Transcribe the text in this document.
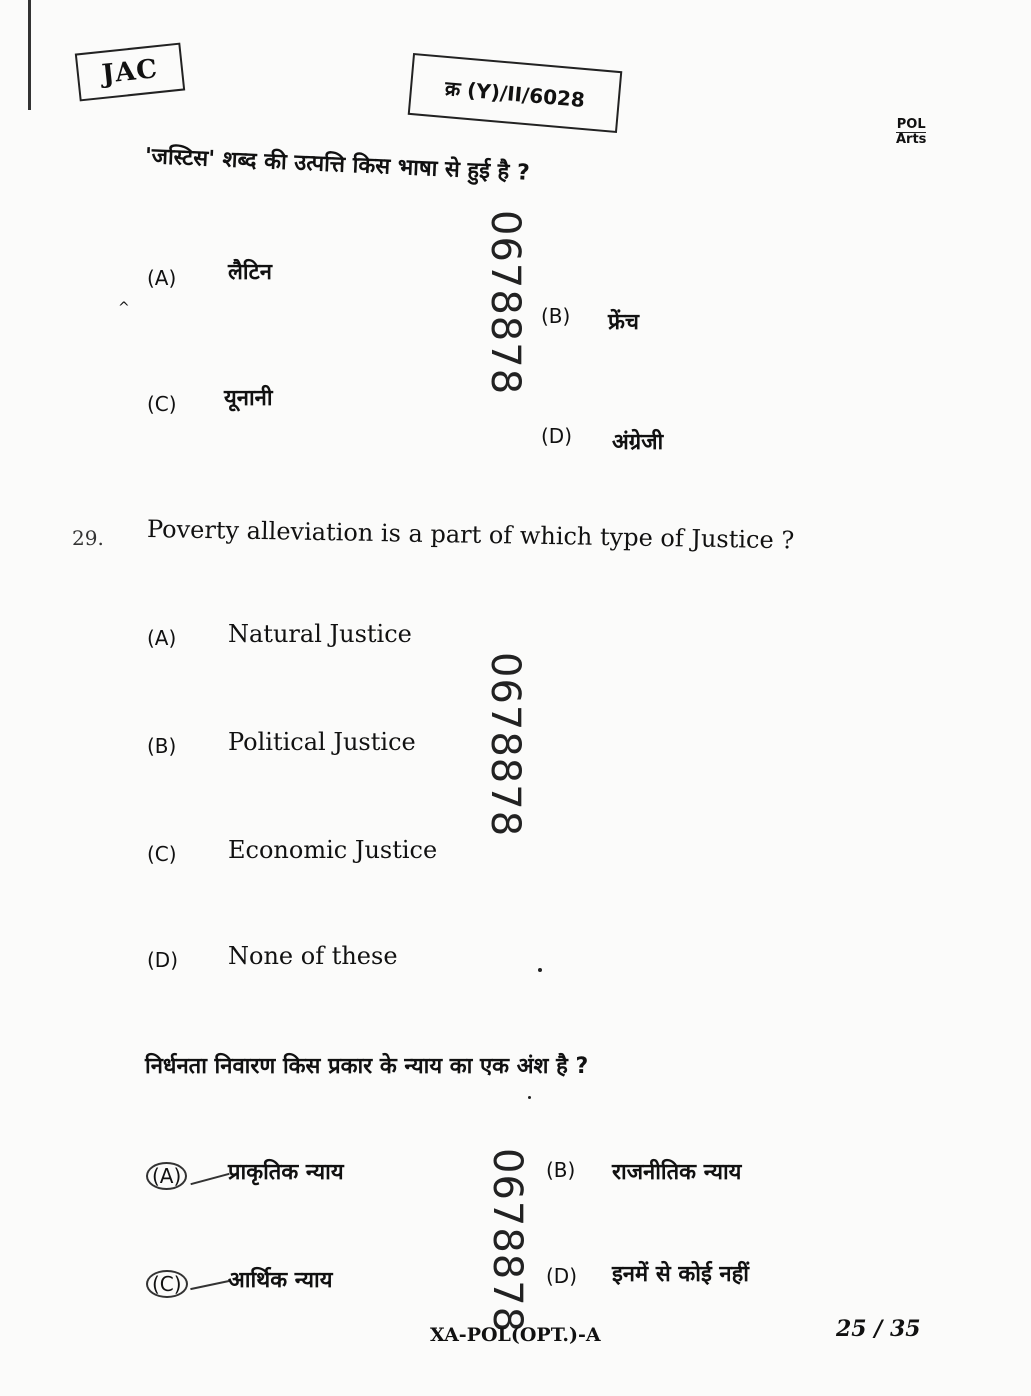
JAC
क्र (Y)/II/6028
POL
Arts
'जस्टिस' शब्द की उत्पत्ति किस भाषा से हुई है ?
(A) लैटिन
(B) फ्रेंच
(C) यूनानी
(D) अंग्रेजी
^	0678878
29. Poverty alleviation is a part of which type of Justice ?
(A) Natural Justice
(B) Political Justice
(C) Economic Justice
(D) None of these
0678878
निर्धनता निवारण किस प्रकार के न्याय का एक अंश है ?
(A) प्राकृतिक न्याय	(B) राजनीतिक न्याय
(C) आर्थिक न्याय	(D) इनमें से कोई नहीं
0678878
XA-POL(OPT.)-A	25 / 35
